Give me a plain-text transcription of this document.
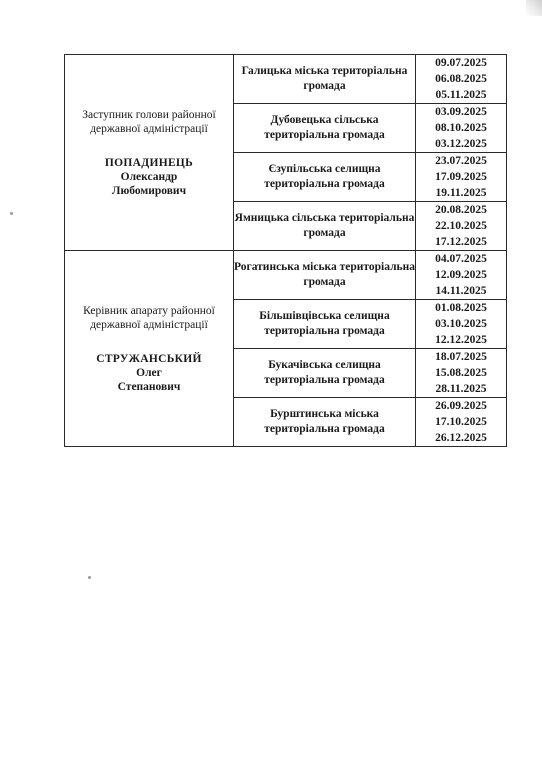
Заступник голови районної державної адміністрації
ПОПАДИНЕЦЬ
Олександр
Любомирович	Галицька міська територіальна громада	09.07.2025
06.08.2025
05.11.2025

	Дубовецька сільська територіальна громада	03.09.2025
08.10.2025
03.12.2025

	Єзупільська селищна територіальна громада	23.07.2025
17.09.2025
19.11.2025

	Ямницька сільська територіальна громада	20.08.2025
22.10.2025
17.12.2025

Керівник апарату районної державної адміністрації
СТРУЖАНСЬКИЙ
Олег
Степанович	Рогатинська міська територіальна громада	04.07.2025
12.09.2025
14.11.2025

	Більшівцівська селищна територіальна громада	01.08.2025
03.10.2025
12.12.2025

	Букачівська селищна територіальна громада	18.07.2025
15.08.2025
28.11.2025

	Бурштинська міська територіальна громада	26.09.2025
17.10.2025
26.12.2025
